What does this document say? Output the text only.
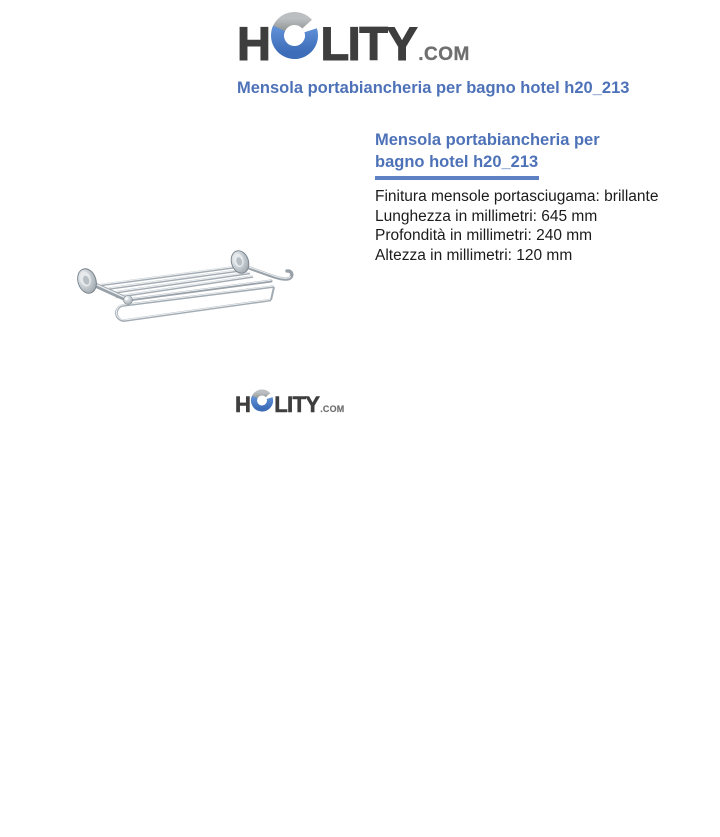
H LITY .COM
Mensola portabiancheria per bagno hotel h20_213
Mensola portabiancheria per bagno hotel h20_213
Finitura mensole portasciugama: brillante
Lunghezza in millimetri: 645 mm
Profondità in millimetri: 240 mm
Altezza in millimetri: 120 mm
H LITY .COM
